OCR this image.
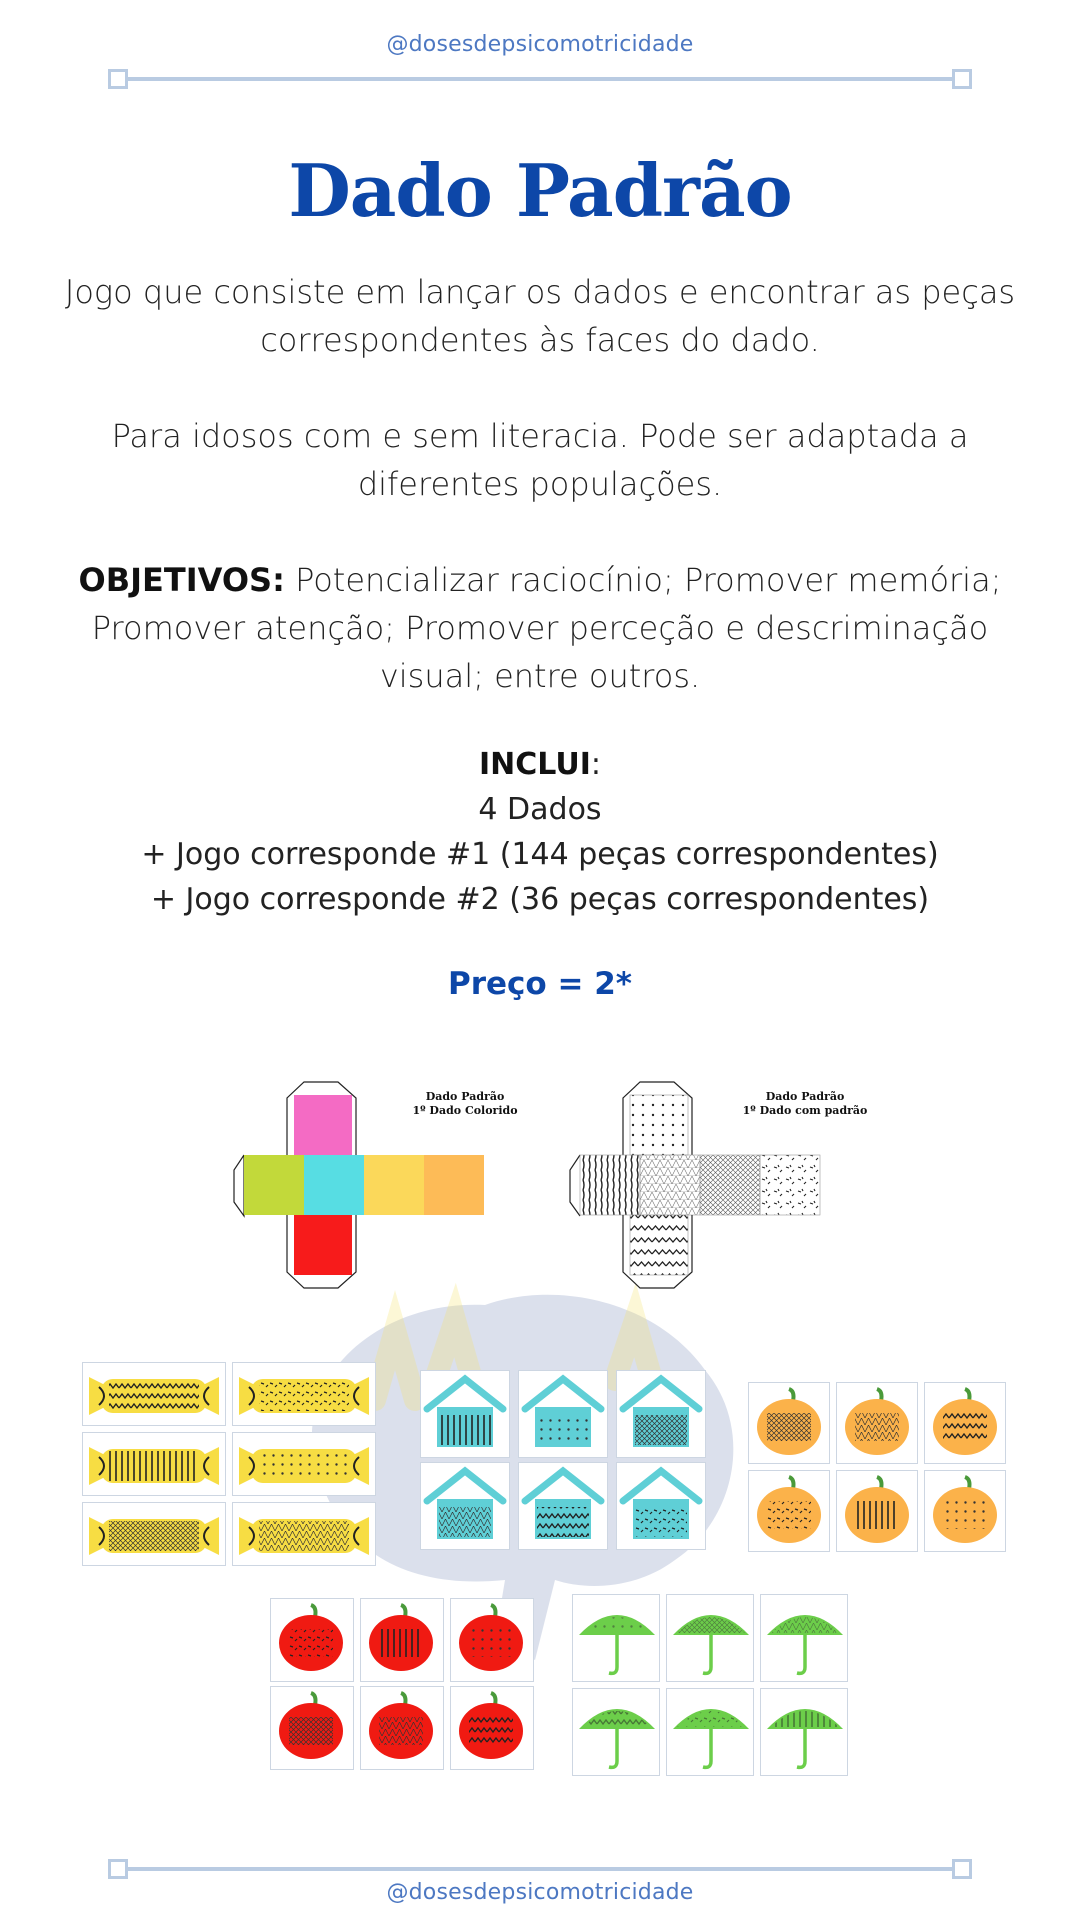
@dosesdepsicomotricidade
Dado Padrão
Jogo que consiste em lançar os dados e encontrar as peças correspondentes às faces do dado.
Para idosos com e sem literacia. Pode ser adaptada a diferentes populações.
OBJETIVOS: Potencializar raciocínio; Promover memória; Promover atenção; Promover perceção e descriminação visual; entre outros.
INCLUI:
4 Dados
+ Jogo corresponde #1 (144 peças correspondentes)
+ Jogo corresponde #2 (36 peças correspondentes)
Preço = 2*
Dado Padrão
1º Dado Colorido
Dado Padrão
1º Dado com padrão
@dosesdepsicomotricidade
